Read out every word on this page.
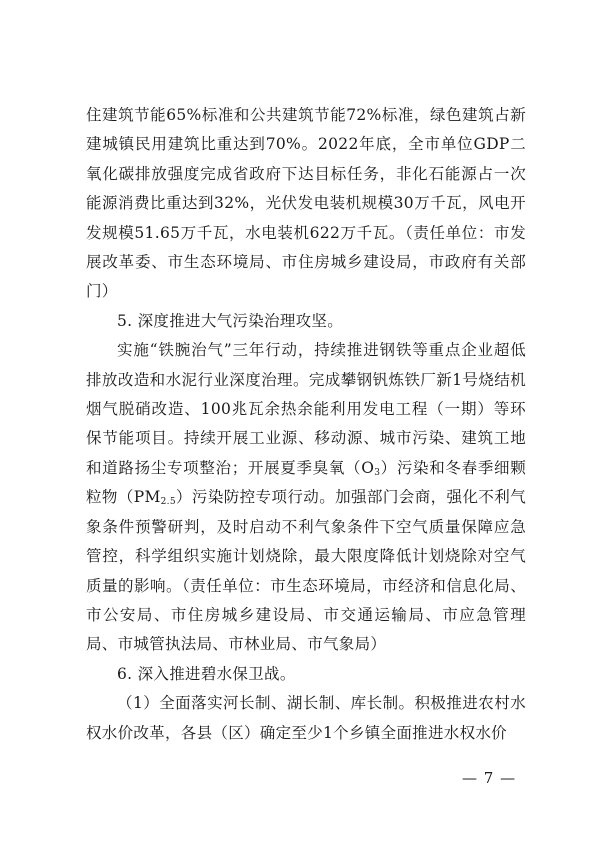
住建筑节能65%标准和公共建筑节能72%标准，绿色建筑占新建城镇民用建筑比重达到70%。2022年底，全市单位GDP二氧化碳排放强度完成省政府下达目标任务，非化石能源占一次能源消费比重达到32%，光伏发电装机规模30万千瓦，风电开发规模51.65万千瓦，水电装机622万千瓦。（责任单位：市发展改革委、市生态环境局、市住房城乡建设局，市政府有关部门）

5. 深度推进大气污染治理攻坚。

实施“铁腕治气”三年行动，持续推进钢铁等重点企业超低排放改造和水泥行业深度治理。完成攀钢钒炼铁厂新1号烧结机烟气脱硝改造、100兆瓦余热余能利用发电工程（一期）等环保节能项目。持续开展工业源、移动源、城市污染、建筑工地和道路扬尘专项整治；开展夏季臭氧$(O_3)$污染和冬春季细颗粒物$(PM_{2.5})$污染防控专项行动。加强部门会商，强化不利气象条件预警研判，及时启动不利气象条件下空气质量保障应急管控，科学组织实施计划烧除，最大限度降低计划烧除对空气质量的影响。（责任单位：市生态环境局，市经济和信息化局、市公安局、市住房城乡建设局、市交通运输局、市应急管理局、市城管执法局、市林业局、市气象局）

6. 深入推进碧水保卫战。

（1）全面落实河长制、湖长制、库长制。积极推进农村水权水价改革，各县（区）确定至少1个乡镇全面推进水权水价

— 7 —
